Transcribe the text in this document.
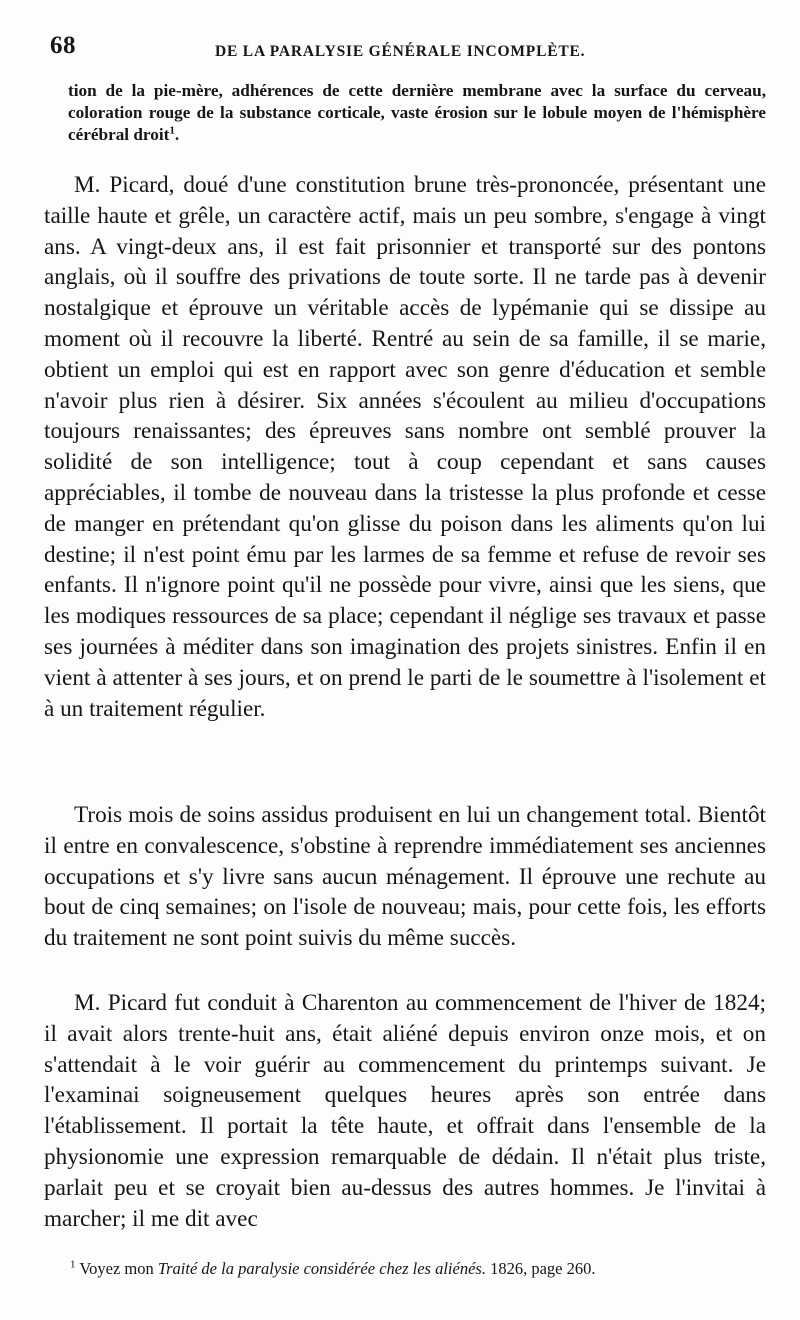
68	DE LA PARALYSIE GÉNÉRALE INCOMPLÈTE.

tion de la pie-mère, adhérences de cette dernière membrane avec la surface du cerveau, coloration rouge de la substance corticale, vaste érosion sur le lobule moyen de l'hémisphère cérébral droit$^1$.

M. Picard, doué d'une constitution brune très-prononcée, présentant une taille haute et grêle, un caractère actif, mais un peu sombre, s'engage à vingt ans. A vingt-deux ans, il est fait prisonnier et transporté sur des pontons anglais, où il souffre des privations de toute sorte. Il ne tarde pas à devenir nostalgique et éprouve un véritable accès de lypémanie qui se dissipe au moment où il recouvre la liberté. Rentré au sein de sa famille, il se marie, obtient un emploi qui est en rapport avec son genre d'éducation et semble n'avoir plus rien à désirer. Six années s'écoulent au milieu d'occupations toujours renaissantes; des épreuves sans nombre ont semblé prouver la solidité de son intelligence; tout à coup cependant et sans causes appréciables, il tombe de nouveau dans la tristesse la plus profonde et cesse de manger en prétendant qu'on glisse du poison dans les aliments qu'on lui destine; il n'est point ému par les larmes de sa femme et refuse de revoir ses enfants. Il n'ignore point qu'il ne possède pour vivre, ainsi que les siens, que les modiques ressources de sa place; cependant il néglige ses travaux et passe ses journées à méditer dans son imagination des projets sinistres. Enfin il en vient à attenter à ses jours, et on prend le parti de le soumettre à l'isolement et à un traitement régulier.

Trois mois de soins assidus produisent en lui un changement total. Bientôt il entre en convalescence, s'obstine à reprendre immédiatement ses anciennes occupations et s'y livre sans aucun ménagement. Il éprouve une rechute au bout de cinq semaines; on l'isole de nouveau; mais, pour cette fois, les efforts du traitement ne sont point suivis du même succès.

M. Picard fut conduit à Charenton au commencement de l'hiver de 1824; il avait alors trente-huit ans, était aliéné depuis environ onze mois, et on s'attendait à le voir guérir au commencement du printemps suivant. Je l'examinai soigneusement quelques heures après son entrée dans l'établissement. Il portait la tête haute, et offrait dans l'ensemble de la physionomie une expression remarquable de dédain. Il n'était plus triste, parlait peu et se croyait bien au-dessus des autres hommes. Je l'invitai à marcher; il me dit avec

$^1$ Voyez mon Traité de la paralysie considérée chez les aliénés. 1826, page 260.
